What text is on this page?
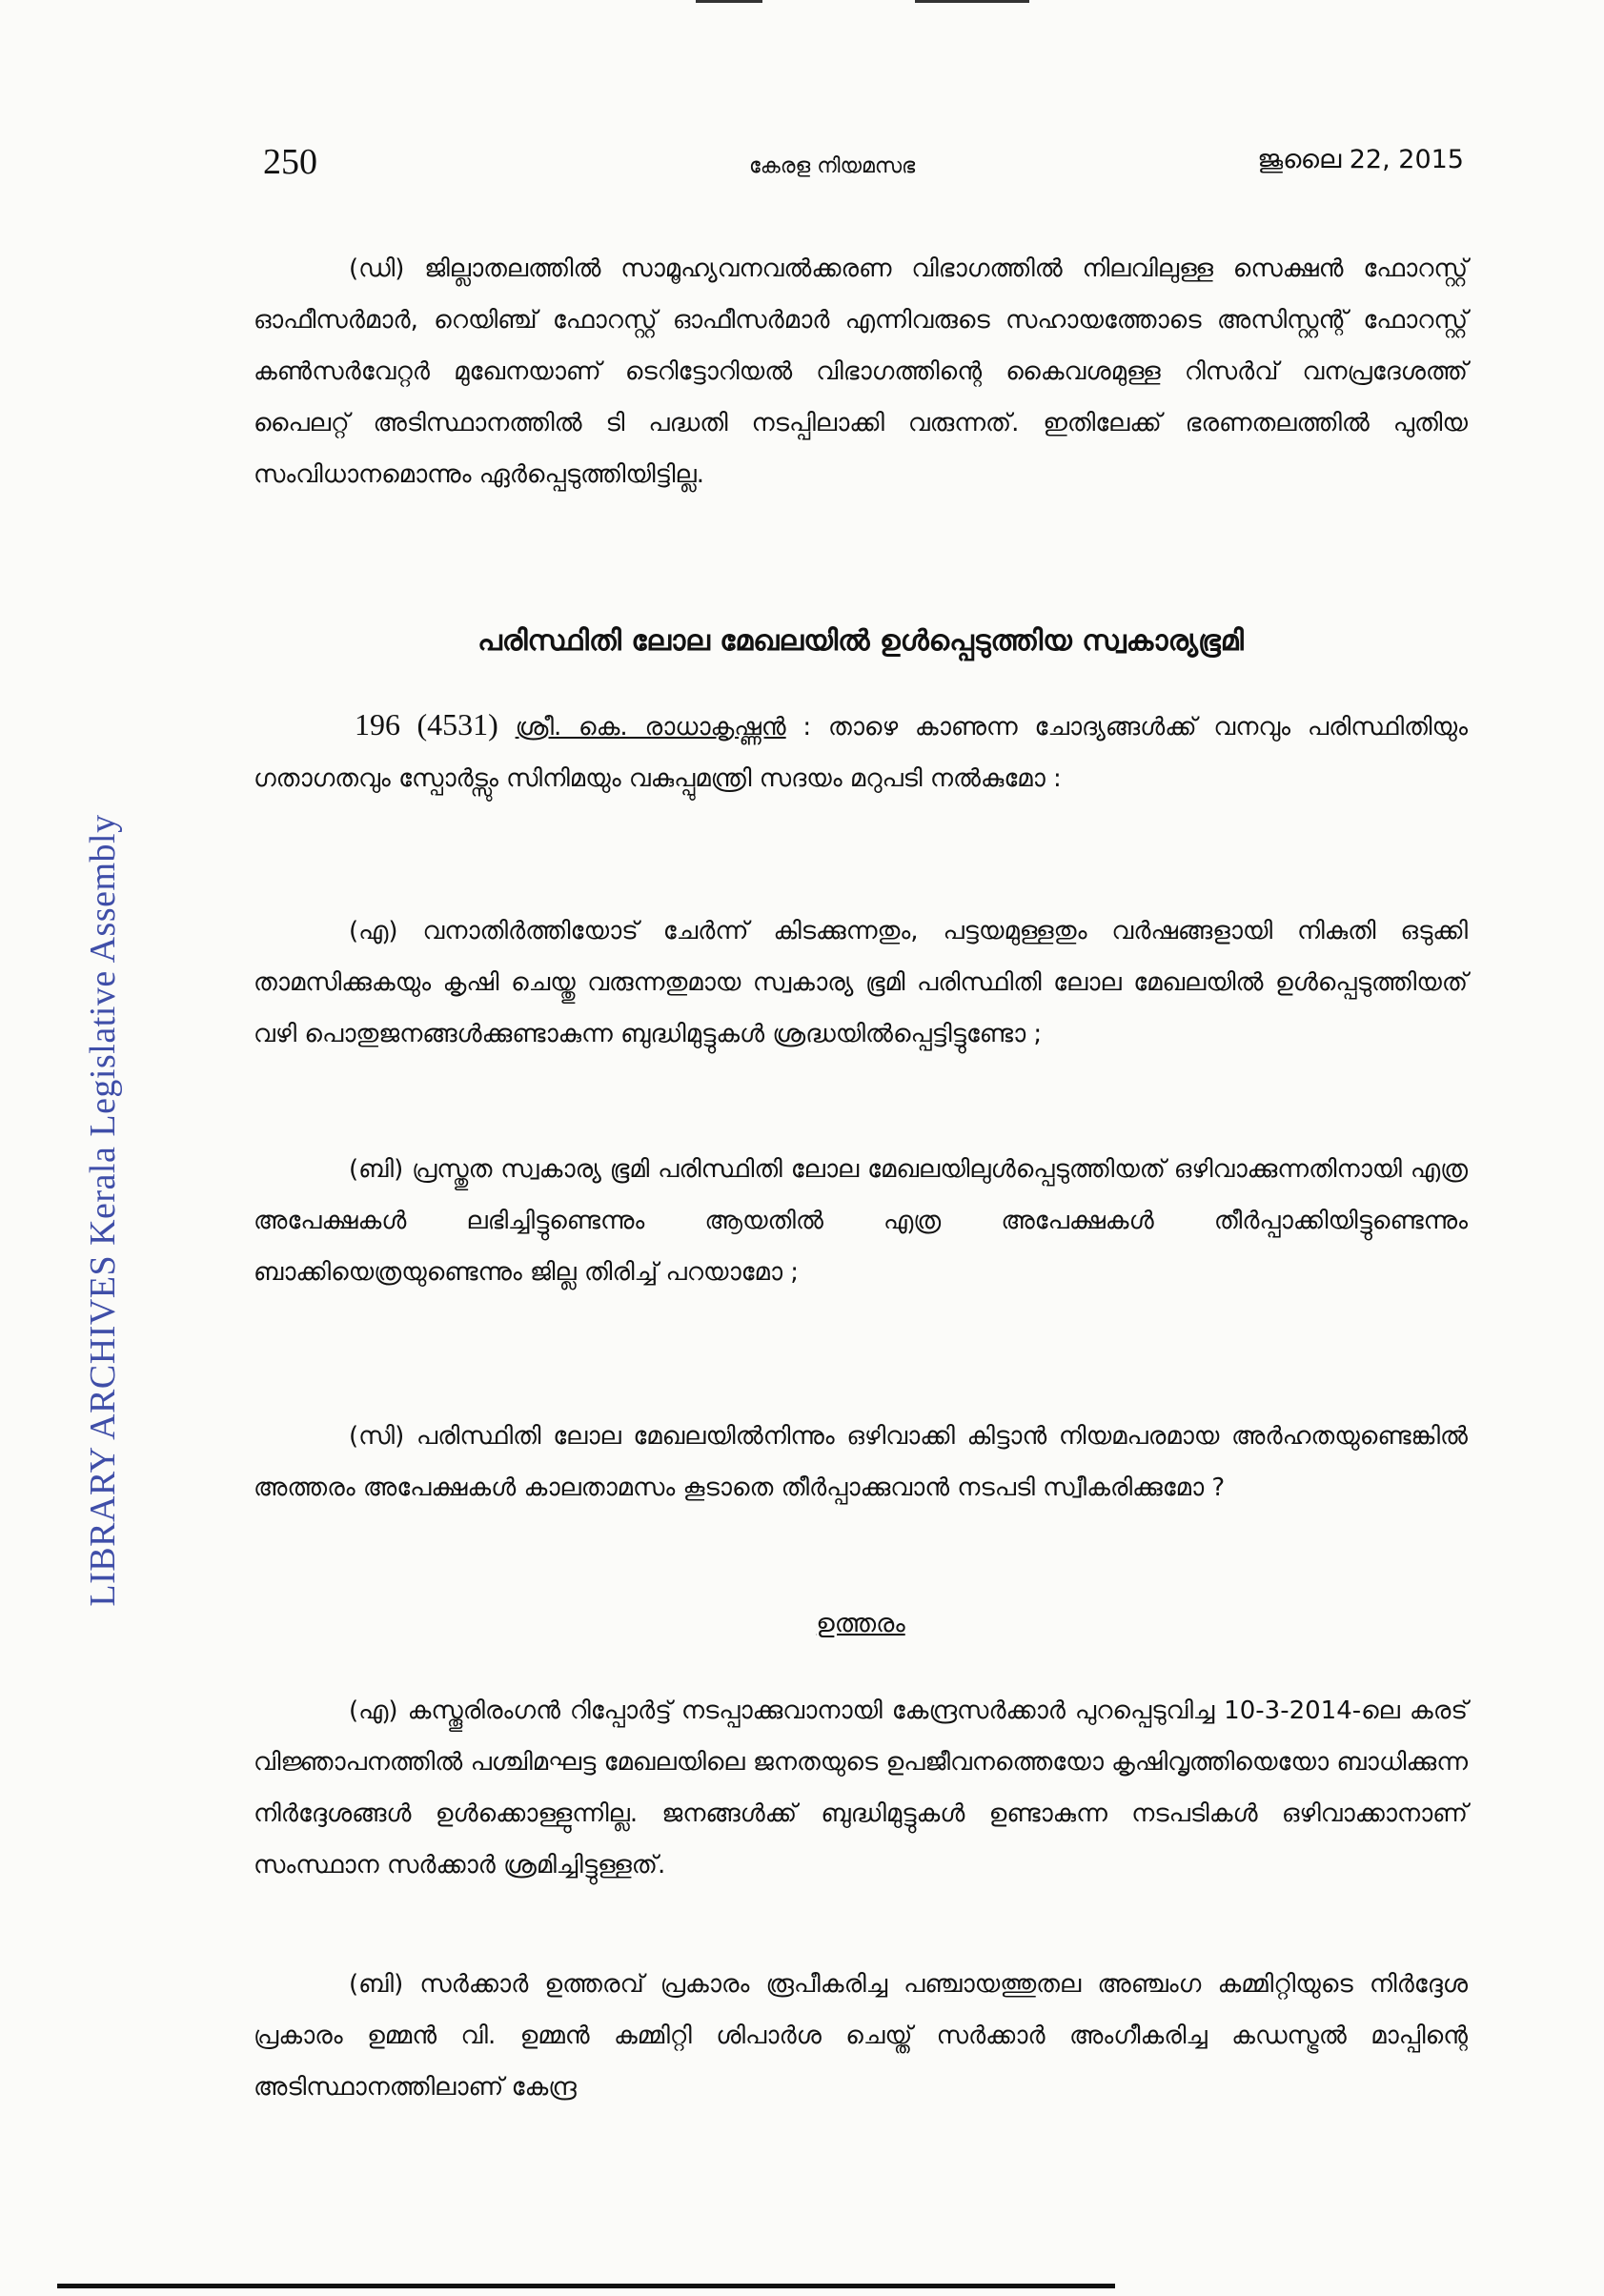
250	കേരള നിയമസഭ	ജൂലൈ 22, 2015
LIBRARY ARCHIVES Kerala Legislative Assembly
(ഡി) ജില്ലാതലത്തിൽ സാമൂഹ്യവനവൽക്കരണ വിഭാഗത്തിൽ നിലവിലുള്ള സെക്ഷൻ ഫോറസ്റ്റ് ഓഫീസർമാർ, റെയിഞ്ച് ഫോറസ്റ്റ് ഓഫീസർമാർ എന്നിവരുടെ സഹായത്തോടെ അസിസ്റ്റന്റ് ഫോറസ്റ്റ് കൺസർവേറ്റർ മുഖേനയാണ് ടെറിട്ടോറിയൽ വിഭാഗത്തിന്റെ കൈവശമുള്ള റിസർവ് വനപ്രദേശത്ത് പൈലറ്റ് അടിസ്ഥാനത്തിൽ ടി പദ്ധതി നടപ്പിലാക്കി വരുന്നത്. ഇതിലേക്ക് ഭരണതലത്തിൽ പുതിയ സംവിധാനമൊന്നും ഏർപ്പെടുത്തിയിട്ടില്ല.
പരിസ്ഥിതി ലോല മേഖലയിൽ ഉൾപ്പെടുത്തിയ സ്വകാര്യഭൂമി
196 (4531) ശ്രീ. കെ. രാധാകൃഷ്ണൻ : താഴെ കാണുന്ന ചോദ്യങ്ങൾക്ക് വനവും പരിസ്ഥിതിയും ഗതാഗതവും സ്പോർട്സും സിനിമയും വകുപ്പുമന്ത്രി സദയം മറുപടി നൽകുമോ :
(എ) വനാതിർത്തിയോട് ചേർന്ന് കിടക്കുന്നതും, പട്ടയമുള്ളതും വർഷങ്ങളായി നികുതി ഒടുക്കി താമസിക്കുകയും കൃഷി ചെയ്തു വരുന്നതുമായ സ്വകാര്യ ഭൂമി പരിസ്ഥിതി ലോല മേഖലയിൽ ഉൾപ്പെടുത്തിയത് വഴി പൊതുജനങ്ങൾക്കുണ്ടാകുന്ന ബുദ്ധിമുട്ടുകൾ ശ്രദ്ധയിൽപ്പെട്ടിട്ടുണ്ടോ ;
(ബി) പ്രസ്തുത സ്വകാര്യ ഭൂമി പരിസ്ഥിതി ലോല മേഖലയിലുൾപ്പെടുത്തിയത് ഒഴിവാക്കുന്നതിനായി എത്ര അപേക്ഷകൾ ലഭിച്ചിട്ടുണ്ടെന്നും ആയതിൽ എത്ര അപേക്ഷകൾ തീർപ്പാക്കിയിട്ടുണ്ടെന്നും ബാക്കിയെത്രയുണ്ടെന്നും ജില്ല തിരിച്ച് പറയാമോ ;
(സി) പരിസ്ഥിതി ലോല മേഖലയിൽനിന്നും ഒഴിവാക്കി കിട്ടാൻ നിയമപരമായ അർഹതയുണ്ടെങ്കിൽ അത്തരം അപേക്ഷകൾ കാലതാമസം കൂടാതെ തീർപ്പാക്കുവാൻ നടപടി സ്വീകരിക്കുമോ ?
ഉത്തരം
(എ) കസ്തൂരിരംഗൻ റിപ്പോർട്ട് നടപ്പാക്കുവാനായി കേന്ദ്രസർക്കാർ പുറപ്പെടുവിച്ച 10-3-2014-ലെ കരട് വിജ്ഞാപനത്തിൽ പശ്ചിമഘട്ട മേഖലയിലെ ജനതയുടെ ഉപജീവനത്തെയോ കൃഷിവൃത്തിയെയോ ബാധിക്കുന്ന നിർദ്ദേശങ്ങൾ ഉൾക്കൊള്ളുന്നില്ല. ജനങ്ങൾക്ക് ബുദ്ധിമുട്ടുകൾ ഉണ്ടാകുന്ന നടപടികൾ ഒഴിവാക്കാനാണ് സംസ്ഥാന സർക്കാർ ശ്രമിച്ചിട്ടുള്ളത്.
(ബി) സർക്കാർ ഉത്തരവ് പ്രകാരം രൂപീകരിച്ച പഞ്ചായത്തുതല അഞ്ചംഗ കമ്മിറ്റിയുടെ നിർദ്ദേശ പ്രകാരം ഉമ്മൻ വി. ഉമ്മൻ കമ്മിറ്റി ശിപാർശ ചെയ്ത് സർക്കാർ അംഗീകരിച്ച കഡസ്ട്രൽ മാപ്പിന്റെ അടിസ്ഥാനത്തിലാണ് കേന്ദ്ര
